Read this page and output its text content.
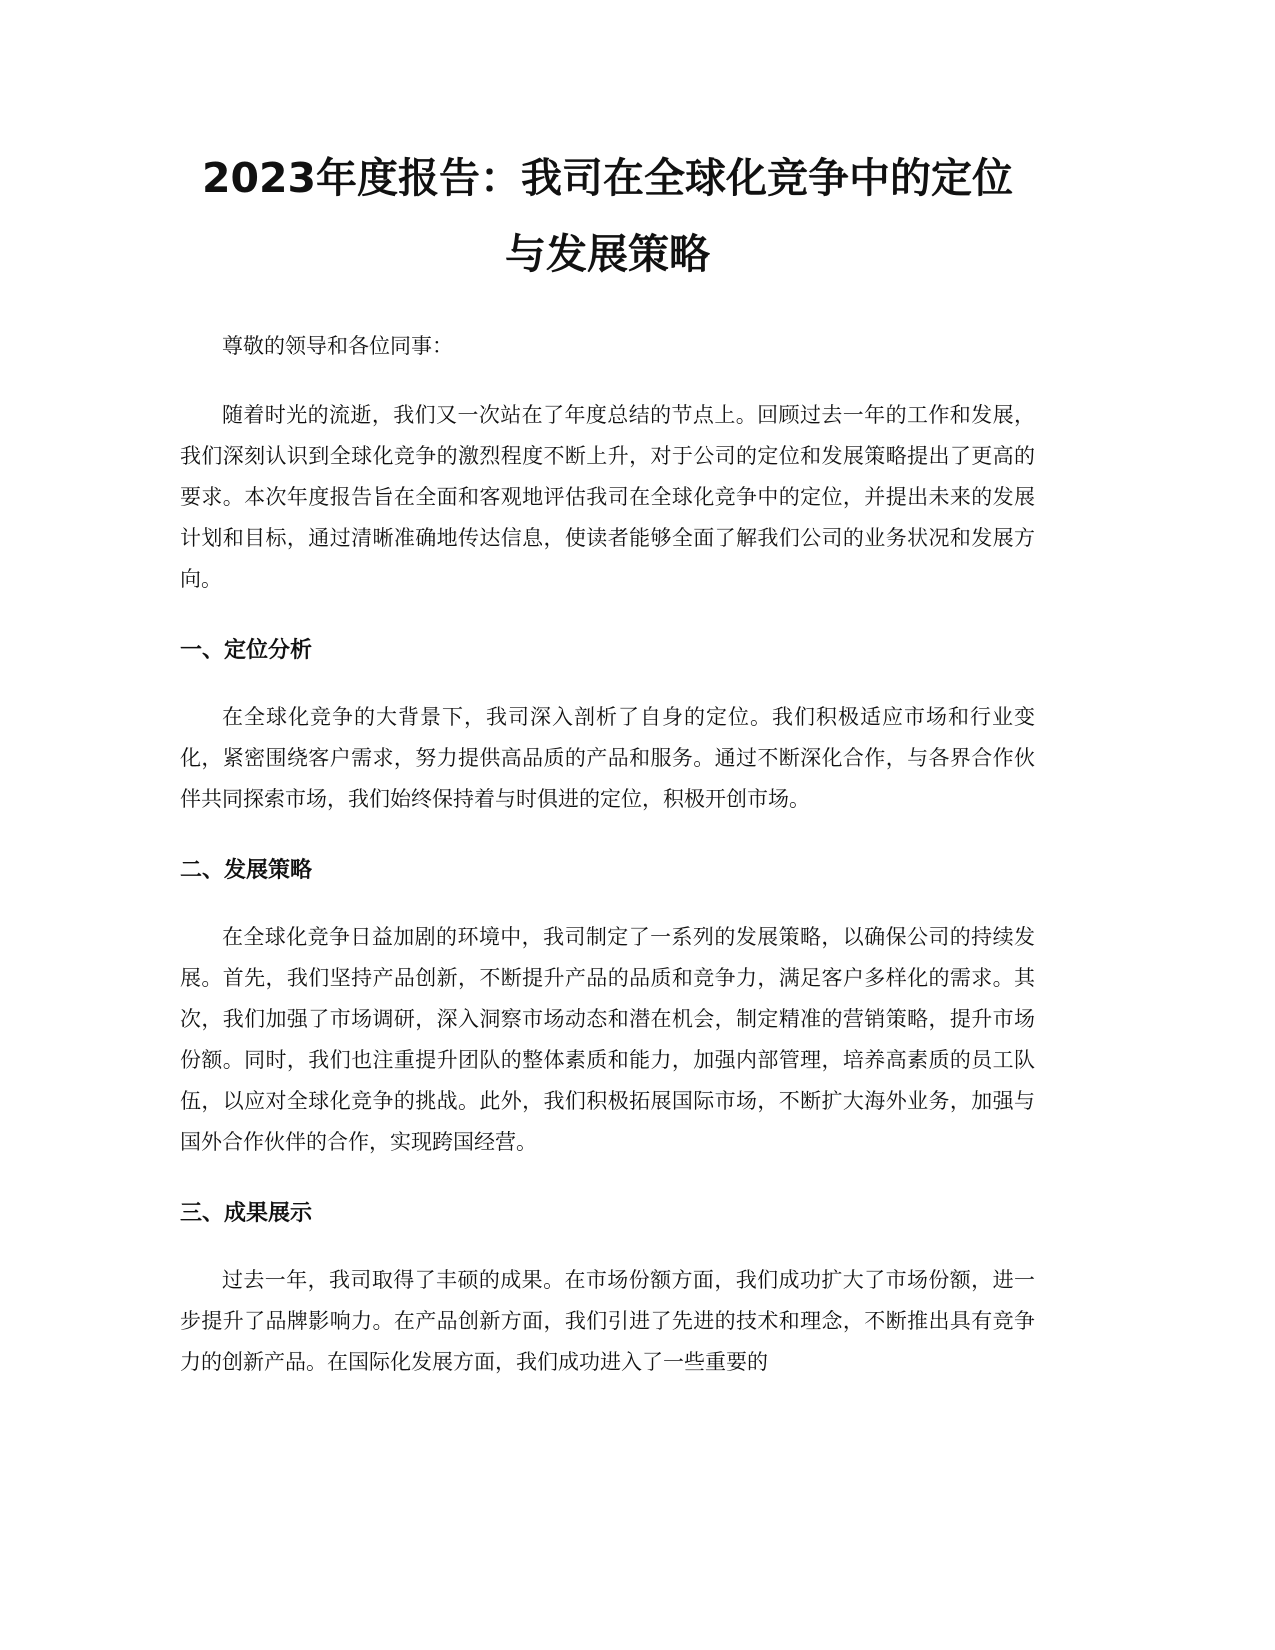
2023年度报告：我司在全球化竞争中的定位
与发展策略

尊敬的领导和各位同事：

随着时光的流逝，我们又一次站在了年度总结的节点上。回顾过去一年的工作和发展，我们深刻认识到全球化竞争的激烈程度不断上升，对于公司的定位和发展策略提出了更高的要求。本次年度报告旨在全面和客观地评估我司在全球化竞争中的定位，并提出未来的发展计划和目标，通过清晰准确地传达信息，使读者能够全面了解我们公司的业务状况和发展方向。

一、定位分析

在全球化竞争的大背景下，我司深入剖析了自身的定位。我们积极适应市场和行业变化，紧密围绕客户需求，努力提供高品质的产品和服务。通过不断深化合作，与各界合作伙伴共同探索市场，我们始终保持着与时俱进的定位，积极开创市场。

二、发展策略

在全球化竞争日益加剧的环境中，我司制定了一系列的发展策略，以确保公司的持续发展。首先，我们坚持产品创新，不断提升产品的品质和竞争力，满足客户多样化的需求。其次，我们加强了市场调研，深入洞察市场动态和潜在机会，制定精准的营销策略，提升市场份额。同时，我们也注重提升团队的整体素质和能力，加强内部管理，培养高素质的员工队伍，以应对全球化竞争的挑战。此外，我们积极拓展国际市场，不断扩大海外业务，加强与国外合作伙伴的合作，实现跨国经营。

三、成果展示

过去一年，我司取得了丰硕的成果。在市场份额方面，我们成功扩大了市场份额，进一步提升了品牌影响力。在产品创新方面，我们引进了先进的技术和理念，不断推出具有竞争力的创新产品。在国际化发展方面，我们成功进入了一些重要的
